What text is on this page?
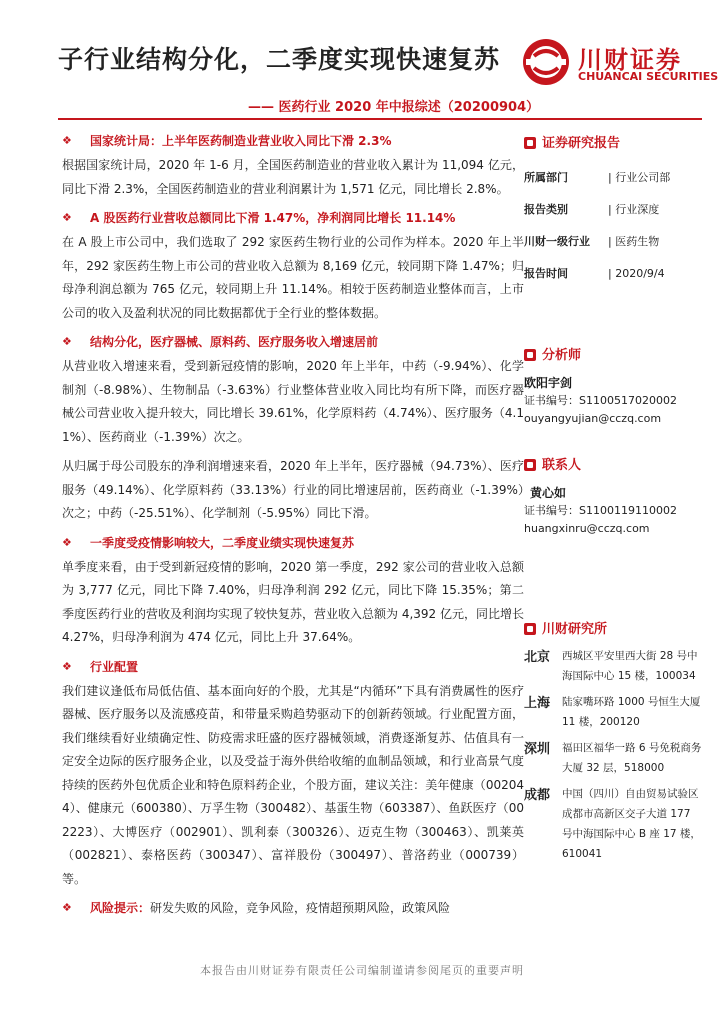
子行业结构分化，二季度实现快速复苏	川财证券
CHUANCAI SECURITIES
—— 医药行业 2020 年中报综述（20200904）
❖ 国家统计局：上半年医药制造业营业收入同比下滑 2.3%
根据国家统计局，2020 年 1-6 月，全国医药制造业的营业收入累计为 11,094 亿元，同比下滑 2.3%，全国医药制造业的营业利润累计为 1,571 亿元，同比增长 2.8%。
❖ A 股医药行业营收总额同比下滑 1.47%，净利润同比增长 11.14%
在 A 股上市公司中，我们选取了 292 家医药生物行业的公司作为样本。2020 年上半年，292 家医药生物上市公司的营业收入总额为 8,169 亿元，较同期下降 1.47%；归母净利润总额为 765 亿元，较同期上升 11.14%。相较于医药制造业整体而言，上市公司的收入及盈利状况的同比数据都优于全行业的整体数据。
❖ 结构分化，医疗器械、原料药、医疗服务收入增速居前
从营业收入增速来看，受到新冠疫情的影响，2020 年上半年，中药（-9.94%）、化学制剂（-8.98%）、生物制品（-3.63%）行业整体营业收入同比均有所下降，而医疗器械公司营业收入提升较大，同比增长 39.61%，化学原料药（4.74%）、医疗服务（4.11%）、医药商业（-1.39%）次之。
从归属于母公司股东的净利润增速来看，2020 年上半年，医疗器械（94.73%）、医疗服务（49.14%）、化学原料药（33.13%）行业的同比增速居前，医药商业（-1.39%）次之；中药（-25.51%）、化学制剂（-5.95%）同比下滑。
❖ 一季度受疫情影响较大，二季度业绩实现快速复苏
单季度来看，由于受到新冠疫情的影响，2020 第一季度，292 家公司的营业收入总额为 3,777 亿元，同比下降 7.40%，归母净利润 292 亿元，同比下降 15.35%；第二季度医药行业的营收及利润均实现了较快复苏，营业收入总额为 4,392 亿元，同比增长 4.27%，归母净利润为 474 亿元，同比上升 37.64%。
❖ 行业配置
我们建议逢低布局低估值、基本面向好的个股，尤其是“内循环”下具有消费属性的医疗器械、医疗服务以及流感疫苗，和带量采购趋势驱动下的创新药领域。行业配置方面，我们继续看好业绩确定性、防疫需求旺盛的医疗器械领域，消费逐渐复苏、估值具有一定安全边际的医疗服务企业，以及受益于海外供给收缩的血制品领域，和行业高景气度持续的医药外包优质企业和特色原料药企业，个股方面，建议关注：美年健康（002044）、健康元（600380）、万孚生物（300482）、基蛋生物（603387）、鱼跃医疗（002223）、大博医疗（002901）、凯利泰（300326）、迈克生物（300463）、凯莱英（002821）、泰格医药（300347）、富祥股份（300497）、普洛药业（000739）等。
❖ 风险提示：研发失败的风险，竞争风险，疫情超预期风险，政策风险
证券研究报告
所属部门	| 行业公司部
报告类别	| 行业深度
川财一级行业	| 医药生物
报告时间	| 2020/9/4
分析师
欧阳宇剑
证书编号：S1100517020002
ouyangyujian@cczq.com
联系人
黄心如
证书编号：S1100119110002
huangxinru@cczq.com
川财研究所
北京 西城区平安里西大街 28 号中海国际中心 15 楼，100034
上海 陆家嘴环路 1000 号恒生大厦 11 楼，200120
深圳 福田区福华一路 6 号免税商务大厦 32 层，518000
成都 中国（四川）自由贸易试验区成都市高新区交子大道 177 号中海国际中心 B 座 17 楼，610041
本报告由川财证券有限责任公司编制谨请参阅尾页的重要声明
